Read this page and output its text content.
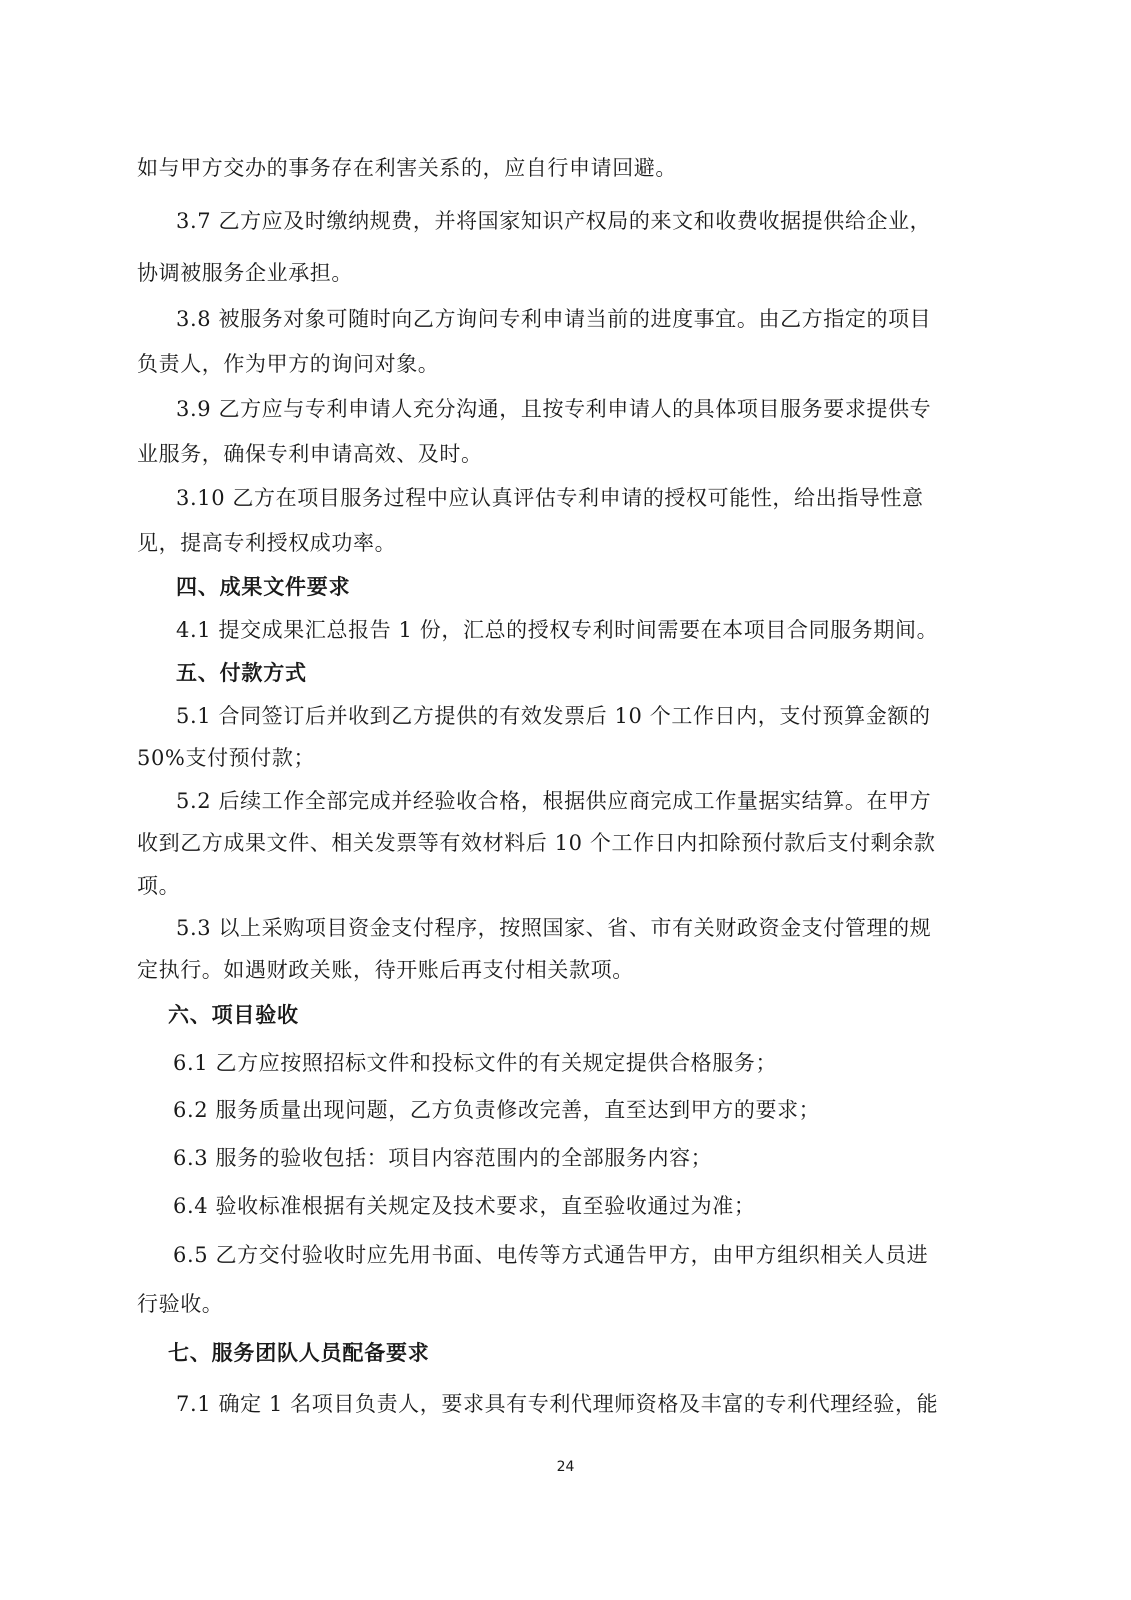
如与甲方交办的事务存在利害关系的，应自行申请回避。
3.7 乙方应及时缴纳规费，并将国家知识产权局的来文和收费收据提供给企业，
协调被服务企业承担。
3.8 被服务对象可随时向乙方询问专利申请当前的进度事宜。由乙方指定的项目
负责人，作为甲方的询问对象。
3.9 乙方应与专利申请人充分沟通，且按专利申请人的具体项目服务要求提供专
业服务，确保专利申请高效、及时。
3.10 乙方在项目服务过程中应认真评估专利申请的授权可能性，给出指导性意
见，提高专利授权成功率。
四、成果文件要求
4.1 提交成果汇总报告 1 份，汇总的授权专利时间需要在本项目合同服务期间。
五、付款方式
5.1 合同签订后并收到乙方提供的有效发票后 10 个工作日内，支付预算金额的
50%支付预付款；
5.2 后续工作全部完成并经验收合格，根据供应商完成工作量据实结算。在甲方
收到乙方成果文件、相关发票等有效材料后 10 个工作日内扣除预付款后支付剩余款
项。
5.3 以上采购项目资金支付程序，按照国家、省、市有关财政资金支付管理的规
定执行。如遇财政关账，待开账后再支付相关款项。
六、项目验收
6.1 乙方应按照招标文件和投标文件的有关规定提供合格服务；
6.2 服务质量出现问题，乙方负责修改完善，直至达到甲方的要求；
6.3 服务的验收包括：项目内容范围内的全部服务内容；
6.4 验收标准根据有关规定及技术要求，直至验收通过为准；
6.5 乙方交付验收时应先用书面、电传等方式通告甲方，由甲方组织相关人员进
行验收。
七、服务团队人员配备要求
7.1 确定 1 名项目负责人，要求具有专利代理师资格及丰富的专利代理经验，能
24
